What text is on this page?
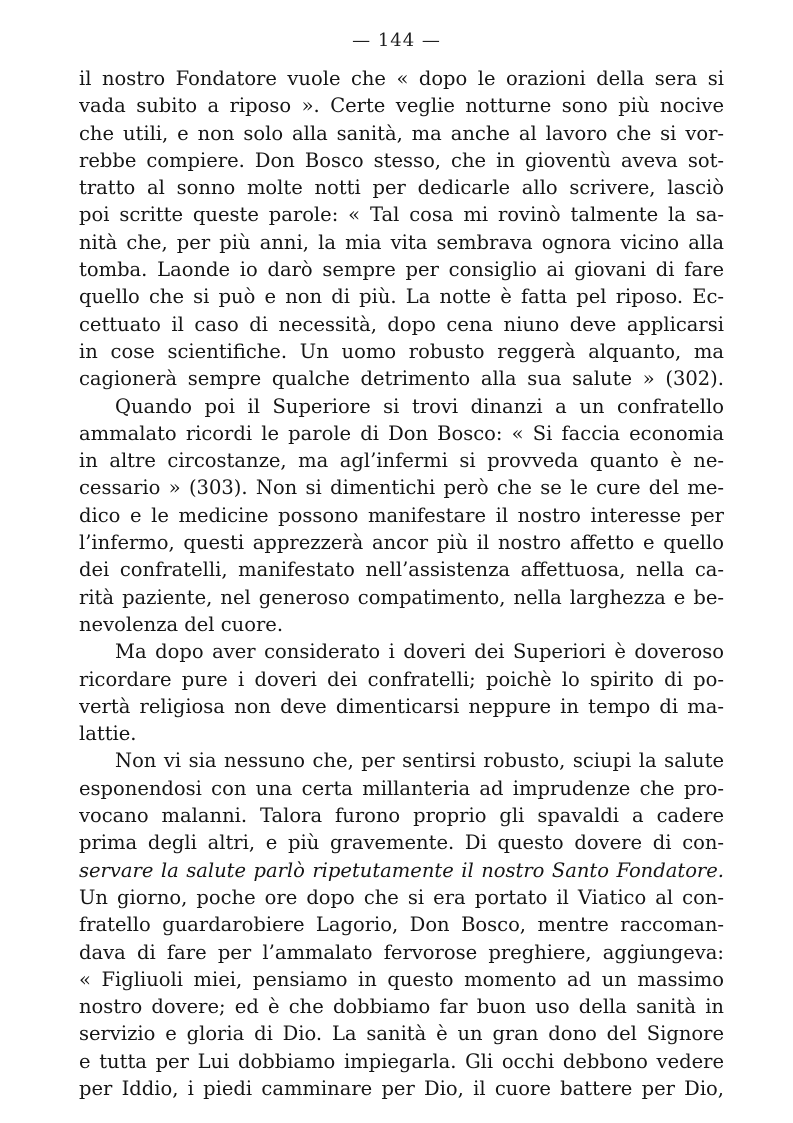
— 144 —
il nostro Fondatore vuole che « dopo le orazioni della sera si
vada subito a riposo ». Certe veglie notturne sono più nocive
che utili, e non solo alla sanità, ma anche al lavoro che si vor-
rebbe compiere. Don Bosco stesso, che in gioventù aveva sot-
tratto al sonno molte notti per dedicarle allo scrivere, lasciò
poi scritte queste parole: « Tal cosa mi rovinò talmente la sa-
nità che, per più anni, la mia vita sembrava ognora vicino alla
tomba. Laonde io darò sempre per consiglio ai giovani di fare
quello che si può e non di più. La notte è fatta pel riposo. Ec-
cettuato il caso di necessità, dopo cena niuno deve applicarsi
in cose scientifiche. Un uomo robusto reggerà alquanto, ma
cagionerà sempre qualche detrimento alla sua salute » (302).
Quando poi il Superiore si trovi dinanzi a un confratello
ammalato ricordi le parole di Don Bosco: « Si faccia economia
in altre circostanze, ma agl’infermi si provveda quanto è ne-
cessario » (303). Non si dimentichi però che se le cure del me-
dico e le medicine possono manifestare il nostro interesse per
l’infermo, questi apprezzerà ancor più il nostro affetto e quello
dei confratelli, manifestato nell’assistenza affettuosa, nella ca-
rità paziente, nel generoso compatimento, nella larghezza e be-
nevolenza del cuore.
Ma dopo aver considerato i doveri dei Superiori è doveroso
ricordare pure i doveri dei confratelli; poichè lo spirito di po-
vertà religiosa non deve dimenticarsi neppure in tempo di ma-
lattie.
Non vi sia nessuno che, per sentirsi robusto, sciupi la salute
esponendosi con una certa millanteria ad imprudenze che pro-
vocano malanni. Talora furono proprio gli spavaldi a cadere
prima degli altri, e più gravemente. Di questo dovere di con-
servare la salute parlò ripetutamente il nostro Santo Fondatore.
Un giorno, poche ore dopo che si era portato il Viatico al con-
fratello guardarobiere Lagorio, Don Bosco, mentre raccoman-
dava di fare per l’ammalato fervorose preghiere, aggiungeva:
« Figliuoli miei, pensiamo in questo momento ad un massimo
nostro dovere; ed è che dobbiamo far buon uso della sanità in
servizio e gloria di Dio. La sanità è un gran dono del Signore
e tutta per Lui dobbiamo impiegarla. Gli occhi debbono vedere
per Iddio, i piedi camminare per Dio, il cuore battere per Dio,
